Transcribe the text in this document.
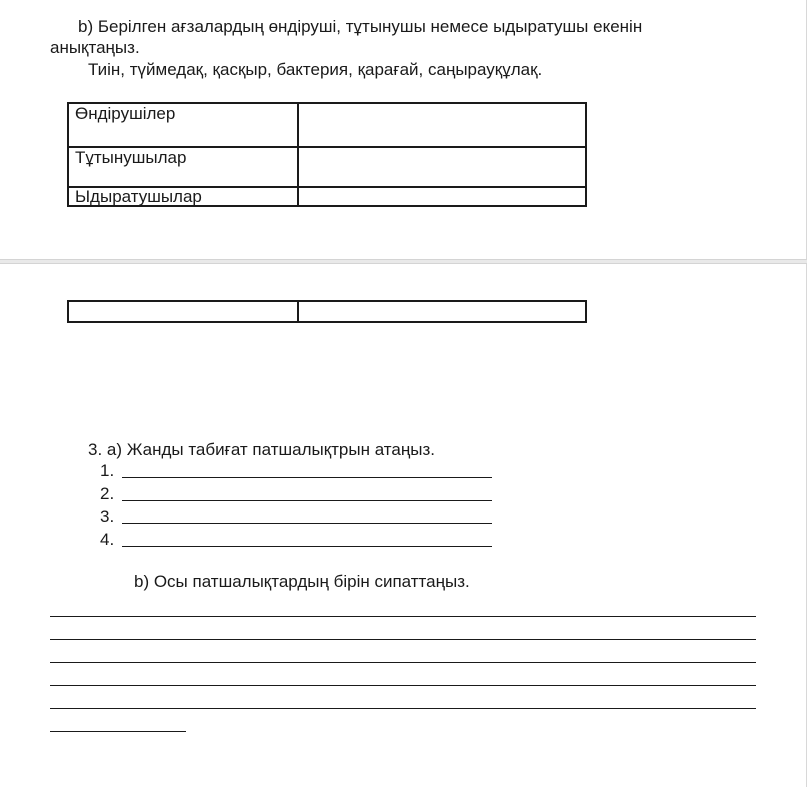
b) Берілген ағзалардың өндіруші, тұтынушы немесе ыдыратушы екенін
анықтаңыз.
Тиін, түймедақ, қасқыр, бактерия, қарағай, саңырауқұлақ.
Өндірушілер	
Тұтынушылар	
Ыдыратушылар	

3. а) Жанды табиғат патшалықтрын атаңыз.
1.
2.
3.
4.
b) Осы патшалықтардың бірін сипаттаңыз.
